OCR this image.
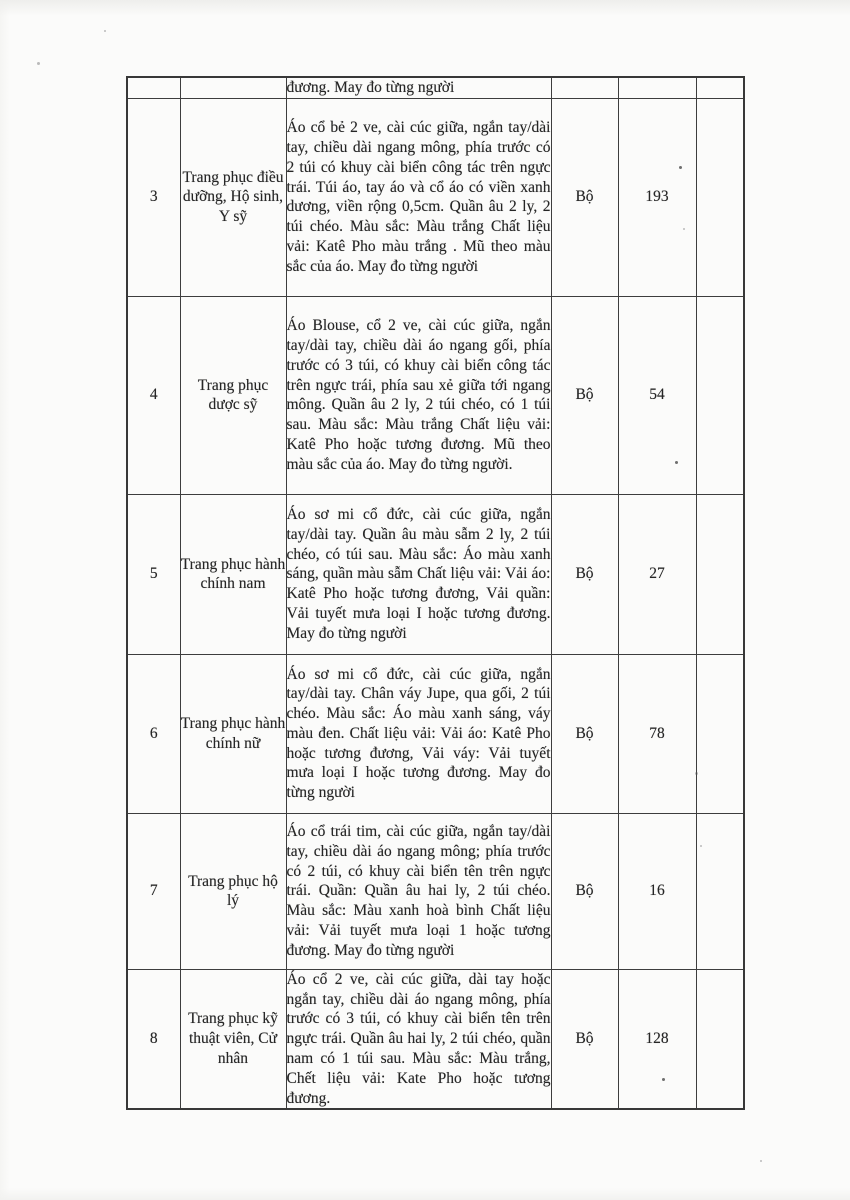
		đương. May đo từng người			
3	Trang phục điều dưỡng, Hộ sinh, Y sỹ	Áo cổ bẻ 2 ve, cài cúc giữa, ngắn tay/dài tay, chiều dài ngang mông, phía trước có 2 túi có khuy cài biển công tác trên ngực trái. Túi áo, tay áo và cổ áo có viền xanh dương, viền rộng 0,5cm. Quần âu 2 ly, 2 túi chéo. Màu sắc: Màu trắng Chất liệu vải: Katê Pho màu trắng . Mũ theo màu sắc của áo. May đo từng người	Bộ	193	
4	Trang phục dược sỹ	Áo Blouse, cổ 2 ve, cài cúc giữa, ngắn tay/dài tay, chiều dài áo ngang gối, phía trước có 3 túi, có khuy cài biển công tác trên ngực trái, phía sau xẻ giữa tới ngang mông. Quần âu 2 ly, 2 túi chéo, có 1 túi sau. Màu sắc: Màu trắng Chất liệu vải: Katê Pho hoặc tương đương. Mũ theo màu sắc của áo. May đo từng người.	Bộ	54	
5	Trang phục hành chính nam	Áo sơ mi cổ đức, cài cúc giữa, ngắn tay/dài tay. Quần âu màu sẫm 2 ly, 2 túi chéo, có túi sau. Màu sắc: Áo màu xanh sáng, quần màu sẫm Chất liệu vải: Vải áo: Katê Pho hoặc tương đương, Vải quần: Vải tuyết mưa loại I hoặc tương đương. May đo từng người	Bộ	27	
6	Trang phục hành chính nữ	Áo sơ mi cổ đức, cài cúc giữa, ngắn tay/dài tay. Chân váy Jupe, qua gối, 2 túi chéo. Màu sắc: Áo màu xanh sáng, váy màu đen. Chất liệu vải: Vải áo: Katê Pho hoặc tương đương, Vải váy: Vải tuyết mưa loại I hoặc tương đương. May đo từng người	Bộ	78	
7	Trang phục hộ lý	Áo cổ trái tim, cài cúc giữa, ngắn tay/dài tay, chiều dài áo ngang mông; phía trước có 2 túi, có khuy cài biển tên trên ngực trái. Quần: Quần âu hai ly, 2 túi chéo. Màu sắc: Màu xanh hoà bình Chất liệu vải: Vải tuyết mưa loại 1 hoặc tương đương. May đo từng người	Bộ	16	
8	Trang phục kỹ thuật viên, Cử nhân	Áo cổ 2 ve, cài cúc giữa, dài tay hoặc ngắn tay, chiều dài áo ngang mông, phía trước có 3 túi, có khuy cài biển tên trên ngực trái. Quần âu hai ly, 2 túi chéo, quần nam có 1 túi sau. Màu sắc: Màu trắng, Chết liệu vải: Kate Pho hoặc tương đương.	Bộ	128	
